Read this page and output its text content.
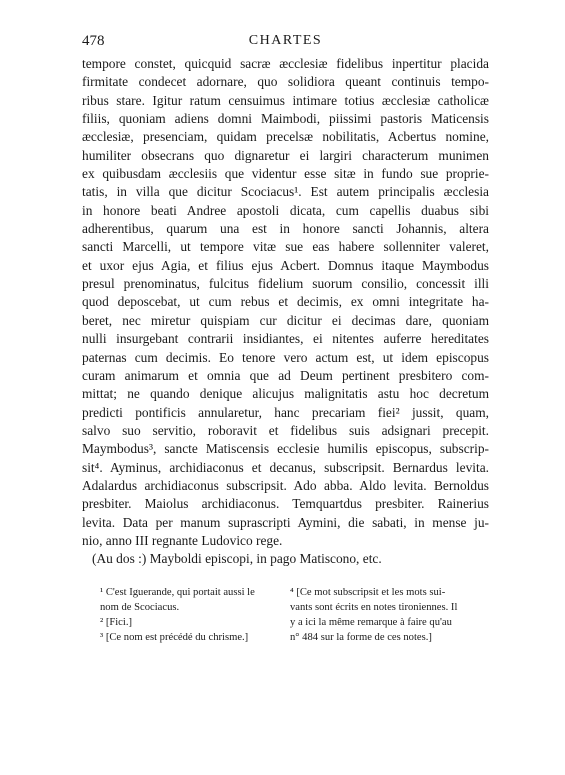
478	CHARTES
tempore constet, quicquid sacræ æcclesiæ fidelibus inpertitur placida
firmitate condecet adornare, quo solidiora queant continuis tempo-
ribus stare. Igitur ratum censuimus intimare totius æcclesiæ catholicæ
filiis, quoniam adiens domni Maimbodi, piissimi pastoris Maticensis
æcclesiæ, presenciam, quidam precelsæ nobilitatis, Acbertus nomine,
humiliter obsecrans quo dignaretur ei largiri characterum munimen
ex quibusdam æcclesiis que videntur esse sitæ in fundo sue proprie-
tatis, in villa que dicitur Scociacus¹. Est autem principalis æcclesia
in honore beati Andree apostoli dicata, cum capellis duabus sibi
adherentibus, quarum una est in honore sancti Johannis, altera
sancti Marcelli, ut tempore vitæ sue eas habere sollenniter valeret,
et uxor ejus Agia, et filius ejus Acbert. Domnus itaque Maymbodus
presul prenominatus, fulcitus fidelium suorum consilio, concessit illi
quod deposcebat, ut cum rebus et decimis, ex omni integritate ha-
beret, nec miretur quispiam cur dicitur ei decimas dare, quoniam
nulli insurgebant contrarii insidiantes, ei nitentes auferre hereditates
paternas cum decimis. Eo tenore vero actum est, ut idem episcopus
curam animarum et omnia que ad Deum pertinent presbitero com-
mittat; ne quando denique alicujus malignitatis astu hoc decretum
predicti pontificis annularetur, hanc precariam fiei² jussit, quam,
salvo suo servitio, roboravit et fidelibus suis adsignari precepit.
Maymbodus³, sancte Matiscensis ecclesie humilis episcopus, subscrip-
sit⁴. Ayminus, archidiaconus et decanus, subscripsit. Bernardus levita.
Adalardus archidiaconus subscripsit. Ado abba. Aldo levita. Bernoldus
presbiter. Maiolus archidiaconus. Temquartdus presbiter. Rainerius
levita. Data per manum suprascripti Aymini, die sabati, in mense ju-
nio, anno III regnante Ludovico rege.
(Au dos :) Mayboldi episcopi, in pago Matiscono, etc.
¹ C'est Iguerande, qui portait aussi le
nom de Scociacus.
² [Fici.]
³ [Ce nom est précédé du chrisme.]
⁴ [Ce mot subscripsit et les mots sui-
vants sont écrits en notes tironiennes. Il
y a ici la même remarque à faire qu'au
n° 484 sur la forme de ces notes.]
